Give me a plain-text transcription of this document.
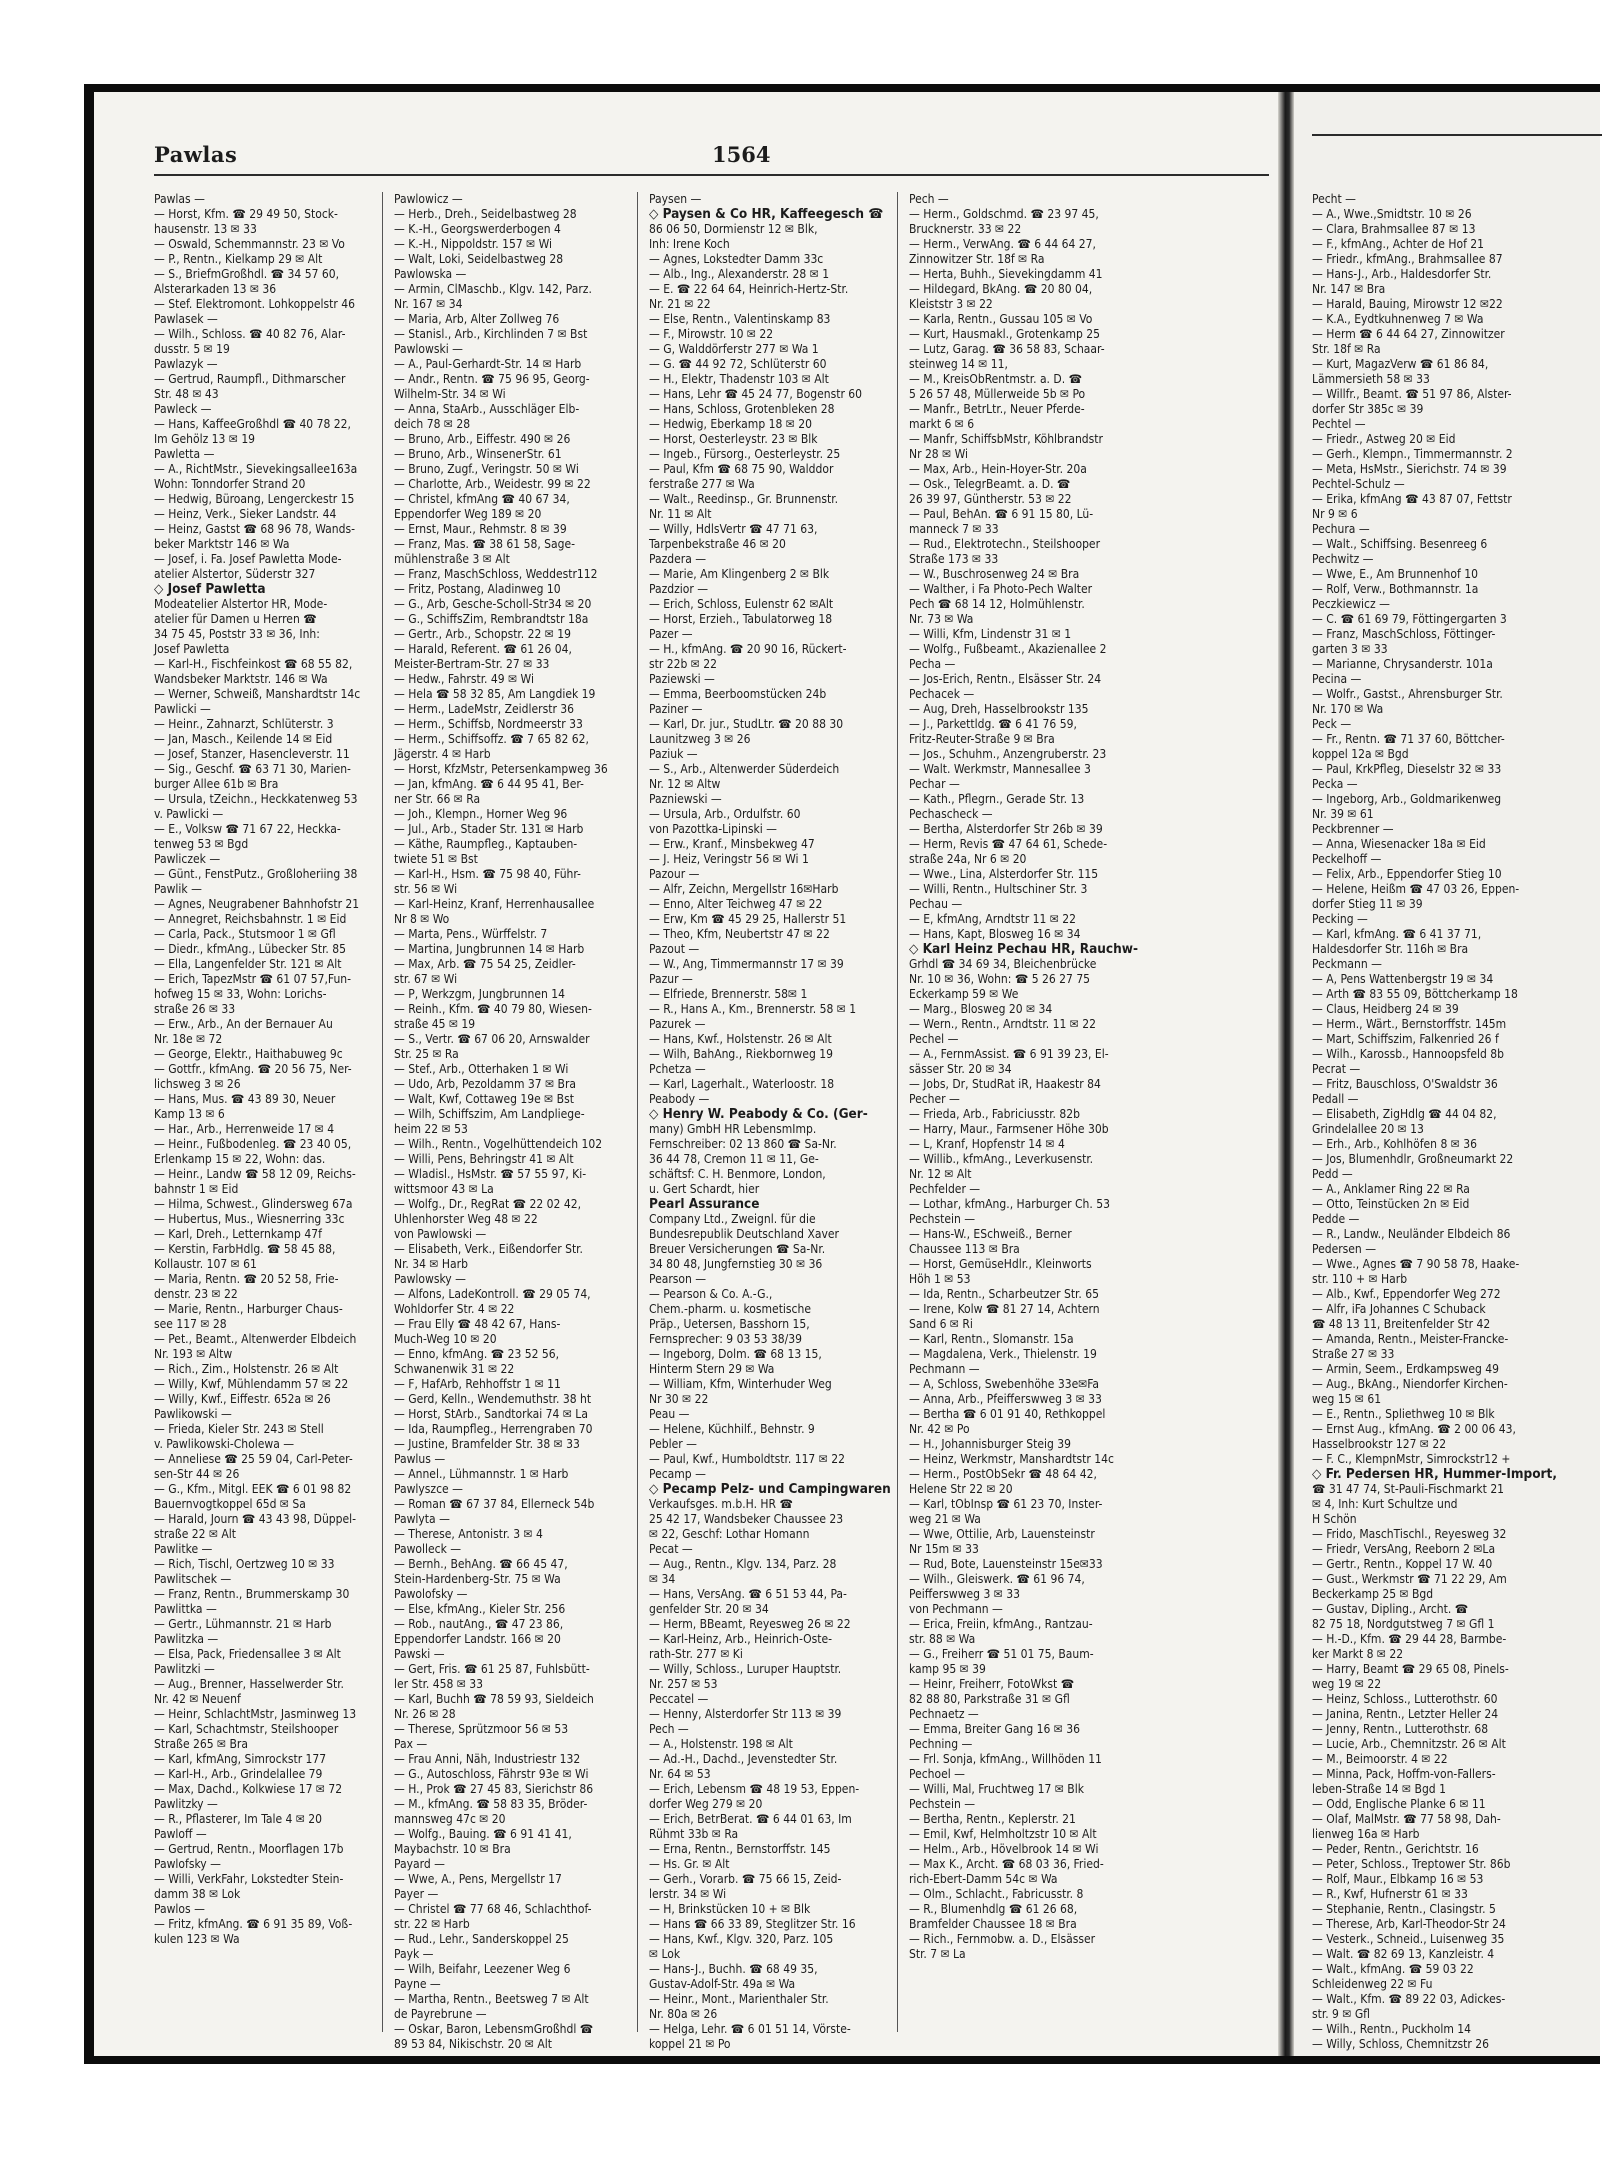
Pawlas	1564
Pawlas —
— Horst, Kfm. ☎ 29 49 50, Stock-
hausenstr. 13 ✉ 33
— Oswald, Schemmannstr. 23 ✉ Vo
— P., Rentn., Kielkamp 29 ✉ Alt
— S., BriefmGroßhdl. ☎ 34 57 60,
Alsterarkaden 13 ✉ 36
— Stef. Elektromont. Lohkoppelstr 46
Pawlasek —
— Wilh., Schloss. ☎ 40 82 76, Alar-
dusstr. 5 ✉ 19
Pawlazyk —
— Gertrud, Raumpfl., Dithmarscher
Str. 48 ✉ 43
Pawleck —
— Hans, KaffeeGroßhdl ☎ 40 78 22,
Im Gehölz 13 ✉ 19
Pawletta —
— A., RichtMstr., Sievekingsallee163a
Wohn: Tonndorfer Strand 20
— Hedwig, Büroang, Lengerckestr 15
— Heinz, Verk., Sieker Landstr. 44
— Heinz, Gastst ☎ 68 96 78, Wands-
beker Marktstr 146 ✉ Wa
— Josef, i. Fa. Josef Pawletta Mode-
atelier Alstertor, Süderstr 327
◇ Josef Pawletta
Modeatelier Alstertor HR, Mode-
atelier für Damen u Herren ☎
34 75 45, Poststr 33 ✉ 36, Inh:
Josef Pawletta
— Karl-H., Fischfeinkost ☎ 68 55 82,
Wandsbeker Marktstr. 146 ✉ Wa
— Werner, Schweiß, Manshardtstr 14c
Pawlicki —
— Heinr., Zahnarzt, Schlüterstr. 3
— Jan, Masch., Keilende 14 ✉ Eid
— Josef, Stanzer, Hasencleverstr. 11
— Sig., Geschf. ☎ 63 71 30, Marien-
burger Allee 61b ✉ Bra
— Ursula, tZeichn., Heckkatenweg 53
v. Pawlicki —
— E., Volksw ☎ 71 67 22, Heckka-
tenweg 53 ✉ Bgd
Pawliczek —
— Günt., FenstPutz., Großloheriing 38
Pawlik —
— Agnes, Neugrabener Bahnhofstr 21
— Annegret, Reichsbahnstr. 1 ✉ Eid
— Carla, Pack., Stutsmoor 1 ✉ Gfl
— Diedr., kfmAng., Lübecker Str. 85
— Ella, Langenfelder Str. 121 ✉ Alt
— Erich, TapezMstr ☎ 61 07 57,Fun-
hofweg 15 ✉ 33, Wohn: Lorichs-
straße 26 ✉ 33
— Erw., Arb., An der Bernauer Au
Nr. 18e ✉ 72
— George, Elektr., Haithabuweg 9c
— Gottfr., kfmAng. ☎ 20 56 75, Ner-
lichsweg 3 ✉ 26
— Hans, Mus. ☎ 43 89 30, Neuer
Kamp 13 ✉ 6
— Har., Arb., Herrenweide 17 ✉ 4
— Heinr., Fußbodenleg. ☎ 23 40 05,
Erlenkamp 15 ✉ 22, Wohn: das.
— Heinr., Landw ☎ 58 12 09, Reichs-
bahnstr 1 ✉ Eid
— Hilma, Schwest., Glindersweg 67a
— Hubertus, Mus., Wiesnerring 33c
— Karl, Dreh., Letternkamp 47f
— Kerstin, FarbHdlg. ☎ 58 45 88,
Kollaustr. 107 ✉ 61
— Maria, Rentn. ☎ 20 52 58, Frie-
denstr. 23 ✉ 22
— Marie, Rentn., Harburger Chaus-
see 117 ✉ 28
— Pet., Beamt., Altenwerder Elbdeich
Nr. 193 ✉ Altw
— Rich., Zim., Holstenstr. 26 ✉ Alt
— Willy, Kwf, Mühlendamm 57 ✉ 22
— Willy, Kwf., Eiffestr. 652a ✉ 26
Pawlikowski —
— Frieda, Kieler Str. 243 ✉ Stell
v. Pawlikowski-Cholewa —
— Anneliese ☎ 25 59 04, Carl-Peter-
sen-Str 44 ✉ 26
— G., Kfm., Mitgl. EEK ☎ 6 01 98 82
Bauernvogtkoppel 65d ✉ Sa
— Harald, Journ ☎ 43 43 98, Düppel-
straße 22 ✉ Alt
Pawlitke —
— Rich, Tischl, Oertzweg 10 ✉ 33
Pawlitschek —
— Franz, Rentn., Brummerskamp 30
Pawlittka —
— Gertr., Lühmannstr. 21 ✉ Harb
Pawlitzka —
— Elsa, Pack, Friedensallee 3 ✉ Alt
Pawlitzki —
— Aug., Brenner, Hasselwerder Str.
Nr. 42 ✉ Neuenf
— Heinr, SchlachtMstr, Jasminweg 13
— Karl, Schachtmstr, Steilshooper
Straße 265 ✉ Bra
— Karl, kfmAng, Simrockstr 177
— Karl-H., Arb., Grindelallee 79
— Max, Dachd., Kolkwiese 17 ✉ 72
Pawlitzky —
— R., Pflasterer, Im Tale 4 ✉ 20
Pawloff —
— Gertrud, Rentn., Moorflagen 17b
Pawlofsky —
— Willi, VerkFahr, Lokstedter Stein-
damm 38 ✉ Lok
Pawlos —
— Fritz, kfmAng. ☎ 6 91 35 89, Voß-
kulen 123 ✉ Wa
Pawlowicz —
— Herb., Dreh., Seidelbastweg 28
— K.-H., Georgswerderbogen 4
— K.-H., Nippoldstr. 157 ✉ Wi
— Walt, Loki, Seidelbastweg 28
Pawlowska —
— Armin, ClMaschb., Klgv. 142, Parz.
Nr. 167 ✉ 34
— Maria, Arb, Alter Zollweg 76
— Stanisl., Arb., Kirchlinden 7 ✉ Bst
Pawlowski —
— A., Paul-Gerhardt-Str. 14 ✉ Harb
— Andr., Rentn. ☎ 75 96 95, Georg-
Wilhelm-Str. 34 ✉ Wi
— Anna, StaArb., Ausschläger Elb-
deich 78 ✉ 28
— Bruno, Arb., Eiffestr. 490 ✉ 26
— Bruno, Arb., WinsenerStr. 61
— Bruno, Zugf., Veringstr. 50 ✉ Wi
— Charlotte, Arb., Weidestr. 99 ✉ 22
— Christel, kfmAng ☎ 40 67 34,
Eppendorfer Weg 189 ✉ 20
— Ernst, Maur., Rehmstr. 8 ✉ 39
— Franz, Mas. ☎ 38 61 58, Sage-
mühlenstraße 3 ✉ Alt
— Franz, MaschSchloss, Weddestr112
— Fritz, Postang, Aladinweg 10
— G., Arb, Gesche-Scholl-Str34 ✉ 20
— G., SchiffsZim, Rembrandtstr 18a
— Gertr., Arb., Schopstr. 22 ✉ 19
— Harald, Referent. ☎ 61 26 04,
Meister-Bertram-Str. 27 ✉ 33
— Hedw., Fahrstr. 49 ✉ Wi
— Hela ☎ 58 32 85, Am Langdiek 19
— Herm., LadeMstr, Zeidlerstr 36
— Herm., Schiffsb, Nordmeerstr 33
— Herm., Schiffsoffz. ☎ 7 65 82 62,
Jägerstr. 4 ✉ Harb
— Horst, KfzMstr, Petersenkampweg 36
— Jan, kfmAng. ☎ 6 44 95 41, Ber-
ner Str. 66 ✉ Ra
— Joh., Klempn., Horner Weg 96
— Jul., Arb., Stader Str. 131 ✉ Harb
— Käthe, Raumpfleg., Kaptauben-
twiete 51 ✉ Bst
— Karl-H., Hsm. ☎ 75 98 40, Führ-
str. 56 ✉ Wi
— Karl-Heinz, Kranf, Herrenhausallee
Nr 8 ✉ Wo
— Marta, Pens., Würffelstr. 7
— Martina, Jungbrunnen 14 ✉ Harb
— Max, Arb. ☎ 75 54 25, Zeidler-
str. 67 ✉ Wi
— P, Werkzgm, Jungbrunnen 14
— Reinh., Kfm. ☎ 40 79 80, Wiesen-
straße 45 ✉ 19
— S., Vertr. ☎ 67 06 20, Arnswalder
Str. 25 ✉ Ra
— Stef., Arb., Otterhaken 1 ✉ Wi
— Udo, Arb, Pezoldamm 37 ✉ Bra
— Walt, Kwf, Cottaweg 19e ✉ Bst
— Wilh, Schiffszim, Am Landpliege-
heim 22 ✉ 53
— Wilh., Rentn., Vogelhüttendeich 102
— Willi, Pens, Behringstr 41 ✉ Alt
— Wladisl., HsMstr. ☎ 57 55 97, Ki-
wittsmoor 43 ✉ La
— Wolfg., Dr., RegRat ☎ 22 02 42,
Uhlenhorster Weg 48 ✉ 22
von Pawlowski —
— Elisabeth, Verk., Eißendorfer Str.
Nr. 34 ✉ Harb
Pawlowsky —
— Alfons, LadeKontroll. ☎ 29 05 74,
Wohldorfer Str. 4 ✉ 22
— Frau Elly ☎ 48 42 67, Hans-
Much-Weg 10 ✉ 20
— Enno, kfmAng. ☎ 23 52 56,
Schwanenwik 31 ✉ 22
— F, HafArb, Rehhoffstr 1 ✉ 11
— Gerd, Kelln., Wendemuthstr. 38 ht
— Horst, StArb., Sandtorkai 74 ✉ La
— Ida, Raumpfleg., Herrengraben 70
— Justine, Bramfelder Str. 38 ✉ 33
Pawlus —
— Annel., Lühmannstr. 1 ✉ Harb
Pawlyszce —
— Roman ☎ 67 37 84, Ellerneck 54b
Pawlyta —
— Therese, Antonistr. 3 ✉ 4
Pawolleck —
— Bernh., BehAng. ☎ 66 45 47,
Stein-Hardenberg-Str. 75 ✉ Wa
Pawolofsky —
— Else, kfmAng., Kieler Str. 256
— Rob., nautAng., ☎ 47 23 86,
Eppendorfer Landstr. 166 ✉ 20
Pawski —
— Gert, Fris. ☎ 61 25 87, Fuhlsbütt-
ler Str. 458 ✉ 33
— Karl, Buchh ☎ 78 59 93, Sieldeich
Nr. 26 ✉ 28
— Therese, Sprützmoor 56 ✉ 53
Pax —
— Frau Anni, Näh, Industriestr 132
— G., Autoschloss, Fährstr 93e ✉ Wi
— H., Prok ☎ 27 45 83, Sierichstr 86
— M., kfmAng. ☎ 58 83 35, Bröder-
mannsweg 47c ✉ 20
— Wolfg., Bauing. ☎ 6 91 41 41,
Maybachstr. 10 ✉ Bra
Payard —
— Wwe, A., Pens, Mergellstr 17
Payer —
— Christel ☎ 77 68 46, Schlachthof-
str. 22 ✉ Harb
— Rud., Lehr., Sanderskoppel 25
Payk —
— Wilh, Beifahr, Leezener Weg 6
Payne —
— Martha, Rentn., Beetsweg 7 ✉ Alt
de Payrebrune —
— Oskar, Baron, LebensmGroßhdl ☎
89 53 84, Nikischstr. 20 ✉ Alt
Paysen —
◇ Paysen & Co HR, Kaffeegesch ☎
86 06 50, Dormienstr 12 ✉ Blk,
Inh: Irene Koch
— Agnes, Lokstedter Damm 33c
— Alb., Ing., Alexanderstr. 28 ✉ 1
— E. ☎ 22 64 64, Heinrich-Hertz-Str.
Nr. 21 ✉ 22
— Else, Rentn., Valentinskamp 83
— F., Mirowstr. 10 ✉ 22
— G, Walddörferstr 277 ✉ Wa 1
— G. ☎ 44 92 72, Schlüterstr 60
— H., Elektr, Thadenstr 103 ✉ Alt
— Hans, Lehr ☎ 45 24 77, Bogenstr 60
— Hans, Schloss, Grotenbleken 28
— Hedwig, Eberkamp 18 ✉ 20
— Horst, Oesterleystr. 23 ✉ Blk
— Ingeb., Fürsorg., Oesterleystr. 25
— Paul, Kfm ☎ 68 75 90, Walddor
ferstraße 277 ✉ Wa
— Walt., Reedinsp., Gr. Brunnenstr.
Nr. 11 ✉ Alt
— Willy, HdlsVertr ☎ 47 71 63,
Tarpenbekstraße 46 ✉ 20
Pazdera —
— Marie, Am Klingenberg 2 ✉ Blk
Pazdzior —
— Erich, Schloss, Eulenstr 62 ✉Alt
— Horst, Erzieh., Tabulatorweg 18
Pazer —
— H., kfmAng. ☎ 20 90 16, Rückert-
str 22b ✉ 22
Paziewski —
— Emma, Beerboomstücken 24b
Paziner —
— Karl, Dr. jur., StudLtr. ☎ 20 88 30
Launitzweg 3 ✉ 26
Paziuk —
— S., Arb., Altenwerder Süderdeich
Nr. 12 ✉ Altw
Pazniewski —
— Ursula, Arb., Ordulfstr. 60
von Pazottka-Lipinski —
— Erw., Kranf., Minsbekweg 47
— J. Heiz, Veringstr 56 ✉ Wi 1
Pazour —
— Alfr, Zeichn, Mergellstr 16✉Harb
— Enno, Alter Teichweg 47 ✉ 22
— Erw, Km ☎ 45 29 25, Hallerstr 51
— Theo, Kfm, Neubertstr 47 ✉ 22
Pazout —
— W., Ang, Timmermannstr 17 ✉ 39
Pazur —
— Elfriede, Brennerstr. 58✉ 1
— R., Hans A., Km., Brennerstr. 58 ✉ 1
Pazurek —
— Hans, Kwf., Holstenstr. 26 ✉ Alt
— Wilh, BahAng., Riekbornweg 19
Pchetza —
— Karl, Lagerhalt., Waterloostr. 18
Peabody —
◇ Henry W. Peabody & Co. (Ger-
many) GmbH HR LebensmImp.
Fernschreiber: 02 13 860 ☎ Sa-Nr.
36 44 78, Cremon 11 ✉ 11, Ge-
schäftsf: C. H. Benmore, London,
u. Gert Schardt, hier
Pearl Assurance
Company Ltd., Zweignl. für die
Bundesrepublik Deutschland Xaver
Breuer Versicherungen ☎ Sa-Nr.
34 80 48, Jungfernstieg 30 ✉ 36
Pearson —
— Pearson & Co. A.-G.,
Chem.-pharm. u. kosmetische
Präp., Uetersen, Basshorn 15,
Fernsprecher: 9 03 53 38/39
— Ingeborg, Dolm. ☎ 68 13 15,
Hinterm Stern 29 ✉ Wa
— William, Kfm, Winterhuder Weg
Nr 30 ✉ 22
Peau —
— Helene, Küchhilf., Behnstr. 9
Pebler —
— Paul, Kwf., Humboldtstr. 117 ✉ 22
Pecamp —
◇ Pecamp Pelz- und Campingwaren
Verkaufsges. m.b.H. HR ☎
25 42 17, Wandsbeker Chaussee 23
✉ 22, Geschf: Lothar Homann
Pecat —
— Aug., Rentn., Klgv. 134, Parz. 28
✉ 34
— Hans, VersAng. ☎ 6 51 53 44, Pa-
genfelder Str. 20 ✉ 34
— Herm, BBeamt, Reyesweg 26 ✉ 22
— Karl-Heinz, Arb., Heinrich-Oste-
rath-Str. 277 ✉ Ki
— Willy, Schloss., Luruper Hauptstr.
Nr. 257 ✉ 53
Peccatel —
— Henny, Alsterdorfer Str 113 ✉ 39
Pech —
— A., Holstenstr. 198 ✉ Alt
— Ad.-H., Dachd., Jevenstedter Str.
Nr. 64 ✉ 53
— Erich, Lebensm ☎ 48 19 53, Eppen-
dorfer Weg 279 ✉ 20
— Erich, BetrBerat. ☎ 6 44 01 63, Im
Rühmt 33b ✉ Ra
— Erna, Rentn., Bernstorffstr. 145
— Hs. Gr. ✉ Alt
— Gerh., Vorarb. ☎ 75 66 15, Zeid-
lerstr. 34 ✉ Wi
— H, Brinkstücken 10 + ✉ Blk
— Hans ☎ 66 33 89, Steglitzer Str. 16
— Hans, Kwf., Klgv. 320, Parz. 105
✉ Lok
— Hans-J., Buchh. ☎ 68 49 35,
Gustav-Adolf-Str. 49a ✉ Wa
— Heinr., Mont., Marienthaler Str.
Nr. 80a ✉ 26
— Helga, Lehr. ☎ 6 01 51 14, Vörste-
koppel 21 ✉ Po
Pech —
— Herm., Goldschmd. ☎ 23 97 45,
Brucknerstr. 33 ✉ 22
— Herm., VerwAng. ☎ 6 44 64 27,
Zinnowitzer Str. 18f ✉ Ra
— Herta, Buhh., Sievekingdamm 41
— Hildegard, BkAng. ☎ 20 80 04,
Kleiststr 3 ✉ 22
— Karla, Rentn., Gussau 105 ✉ Vo
— Kurt, Hausmakl., Grotenkamp 25
— Lutz, Garag. ☎ 36 58 83, Schaar-
steinweg 14 ✉ 11,
— M., KreisObRentmstr. a. D. ☎
5 26 57 48, Müllerweide 5b ✉ Po
— Manfr., BetrLtr., Neuer Pferde-
markt 6 ✉ 6
— Manfr, SchiffsbMstr, Köhlbrandstr
Nr 28 ✉ Wi
— Max, Arb., Hein-Hoyer-Str. 20a
— Osk., TelegrBeamt. a. D. ☎
26 39 97, Güntherstr. 53 ✉ 22
— Paul, BehAn. ☎ 6 91 15 80, Lü-
manneck 7 ✉ 33
— Rud., Elektrotechn., Steilshooper
Straße 173 ✉ 33
— W., Buschrosenweg 24 ✉ Bra
— Walther, i Fa Photo-Pech Walter
Pech ☎ 68 14 12, Holmühlenstr.
Nr. 73 ✉ Wa
— Willi, Kfm, Lindenstr 31 ✉ 1
— Wolfg., Fußbeamt., Akazienallee 2
Pecha —
— Jos-Erich, Rentn., Elsässer Str. 24
Pechacek —
— Aug, Dreh, Hasselbrookstr 135
— J., Parkettldg. ☎ 6 41 76 59,
Fritz-Reuter-Straße 9 ✉ Bra
— Jos., Schuhm., Anzengruberstr. 23
— Walt. Werkmstr, Mannesallee 3
Pechar —
— Kath., Pflegrn., Gerade Str. 13
Pechascheck —
— Bertha, Alsterdorfer Str 26b ✉ 39
— Herm, Revis ☎ 47 64 61, Schede-
straße 24a, Nr 6 ✉ 20
— Wwe., Lina, Alsterdorfer Str. 115
— Willi, Rentn., Hultschiner Str. 3
Pechau —
— E, kfmAng, Arndtstr 11 ✉ 22
— Hans, Kapt, Blosweg 16 ✉ 34
◇ Karl Heinz Pechau HR, Rauchw-
Grhdl ☎ 34 69 34, Bleichenbrücke
Nr. 10 ✉ 36, Wohn: ☎ 5 26 27 75
Eckerkamp 59 ✉ We
— Marg., Blosweg 20 ✉ 34
— Wern., Rentn., Arndtstr. 11 ✉ 22
Pechel —
— A., FernmAssist. ☎ 6 91 39 23, El-
sässer Str. 20 ✉ 34
— Jobs, Dr, StudRat iR, Haakestr 84
Pecher —
— Frieda, Arb., Fabriciusstr. 82b
— Harry, Maur., Farmsener Höhe 30b
— L, Kranf, Hopfenstr 14 ✉ 4
— Willib., kfmAng., Leverkusenstr.
Nr. 12 ✉ Alt
Pechfelder —
— Lothar, kfmAng., Harburger Ch. 53
Pechstein —
— Hans-W., ESchweiß., Berner
Chaussee 113 ✉ Bra
— Horst, GemüseHdlr., Kleinworts
Höh 1 ✉ 53
— Ida, Rentn., Scharbeutzer Str. 65
— Irene, Kolw ☎ 81 27 14, Achtern
Sand 6 ✉ Ri
— Karl, Rentn., Slomanstr. 15a
— Magdalena, Verk., Thielenstr. 19
Pechmann —
— A, Schloss, Swebenhöhe 33e✉Fa
— Anna, Arb., Pfeifferswweg 3 ✉ 33
— Bertha ☎ 6 01 91 40, Rethkoppel
Nr. 42 ✉ Po
— H., Johannisburger Steig 39
— Heinz, Werkmstr, Manshardtstr 14c
— Herm., PostObSekr ☎ 48 64 42,
Helene Str 22 ✉ 20
— Karl, tObInsp ☎ 61 23 70, Inster-
weg 21 ✉ Wa
— Wwe, Ottilie, Arb, Lauensteinstr
Nr 15m ✉ 33
— Rud, Bote, Lauensteinstr 15e✉33
— Wilh., Gleiswerk. ☎ 61 96 74,
Peifferswweg 3 ✉ 33
von Pechmann —
— Erica, Freiin, kfmAng., Rantzau-
str. 88 ✉ Wa
— G., Freiherr ☎ 51 01 75, Baum-
kamp 95 ✉ 39
— Heinr, Freiherr, FotoWkst ☎
82 88 80, Parkstraße 31 ✉ Gfl
Pechnaetz —
— Emma, Breiter Gang 16 ✉ 36
Pechning —
— Frl. Sonja, kfmAng., Willhöden 11
Pechoel —
— Willi, Mal, Fruchtweg 17 ✉ Blk
Pechstein —
— Bertha, Rentn., Keplerstr. 21
— Emil, Kwf, Helmholtzstr 10 ✉ Alt
— Helm., Arb., Hövelbrook 14 ✉ Wi
— Max K., Archt. ☎ 68 03 36, Fried-
rich-Ebert-Damm 54c ✉ Wa
— Olm., Schlacht., Fabricusstr. 8
— R., Blumenhdlg ☎ 61 26 68,
Bramfelder Chaussee 18 ✉ Bra
— Rich., Fernmobw. a. D., Elsässer
Str. 7 ✉ La
Pecht —
— A., Wwe.,Smidtstr. 10 ✉ 26
— Clara, Brahmsallee 87 ✉ 13
— F., kfmAng., Achter de Hof 21
— Friedr., kfmAng., Brahmsallee 87
— Hans-J., Arb., Haldesdorfer Str.
Nr. 147 ✉ Bra
— Harald, Bauing, Mirowstr 12 ✉22
— K.A., Eydtkuhnenweg 7 ✉ Wa
— Herm ☎ 6 44 64 27, Zinnowitzer
Str. 18f ✉ Ra
— Kurt, MagazVerw ☎ 61 86 84,
Lämmersieth 58 ✉ 33
— Willfr., Beamt. ☎ 51 97 86, Alster-
dorfer Str 385c ✉ 39
Pechtel —
— Friedr., Astweg 20 ✉ Eid
— Gerh., Klempn., Timmermannstr. 2
— Meta, HsMstr., Sierichstr. 74 ✉ 39
Pechtel-Schulz —
— Erika, kfmAng ☎ 43 87 07, Fettstr
Nr 9 ✉ 6
Pechura —
— Walt., Schiffsing. Besenreeg 6
Pechwitz —
— Wwe, E., Am Brunnenhof 10
— Rolf, Verw., Bothmannstr. 1a
Peczkiewicz —
— C. ☎ 61 69 79, Föttingergarten 3
— Franz, MaschSchloss, Föttinger-
garten 3 ✉ 33
— Marianne, Chrysanderstr. 101a
Pecina —
— Wolfr., Gastst., Ahrensburger Str.
Nr. 170 ✉ Wa
Peck —
— Fr., Rentn. ☎ 71 37 60, Böttcher-
koppel 12a ✉ Bgd
— Paul, KrkPfleg, Dieselstr 32 ✉ 33
Pecka —
— Ingeborg, Arb., Goldmarikenweg
Nr. 39 ✉ 61
Peckbrenner —
— Anna, Wiesenacker 18a ✉ Eid
Peckelhoff —
— Felix, Arb., Eppendorfer Stieg 10
— Helene, Heißm ☎ 47 03 26, Eppen-
dorfer Stieg 11 ✉ 39
Pecking —
— Karl, kfmAng. ☎ 6 41 37 71,
Haldesdorfer Str. 116h ✉ Bra
Peckmann —
— A, Pens Wattenbergstr 19 ✉ 34
— Arth ☎ 83 55 09, Böttcherkamp 18
— Claus, Heidberg 24 ✉ 39
— Herm., Wärt., Bernstorffstr. 145m
— Mart, Schiffszim, Falkenried 26 f
— Wilh., Karossb., Hannoopsfeld 8b
Pecrat —
— Fritz, Bauschloss, O'Swaldstr 36
Pedall —
— Elisabeth, ZigHdlg ☎ 44 04 82,
Grindelallee 20 ✉ 13
— Erh., Arb., Kohlhöfen 8 ✉ 36
— Jos, Blumenhdlr, Großneumarkt 22
Pedd —
— A., Anklamer Ring 22 ✉ Ra
— Otto, Teinstücken 2n ✉ Eid
Pedde —
— R., Landw., Neuländer Elbdeich 86
Pedersen —
— Wwe., Agnes ☎ 7 90 58 78, Haake-
str. 110 + ✉ Harb
— Alb., Kwf., Eppendorfer Weg 272
— Alfr, iFa Johannes C Schuback
☎ 48 13 11, Breitenfelder Str 42
— Amanda, Rentn., Meister-Francke-
Straße 27 ✉ 33
— Armin, Seem., Erdkampsweg 49
— Aug., BkAng., Niendorfer Kirchen-
weg 15 ✉ 61
— E., Rentn., Spliethweg 10 ✉ Blk
— Ernst Aug., kfmAng. ☎ 2 00 06 43,
Hasselbrookstr 127 ✉ 22
— F. C., KlempnMstr, Simrockstr12 +
◇ Fr. Pedersen HR, Hummer-Import,
☎ 31 47 74, St-Pauli-Fischmarkt 21
✉ 4, Inh: Kurt Schultze und
H Schön
— Frido, MaschTischl., Reyesweg 32
— Friedr, VersAng, Reeborn 2 ✉La
— Gertr., Rentn., Koppel 17 W. 40
— Gust., Werkmstr ☎ 71 22 29, Am
Beckerkamp 25 ✉ Bgd
— Gustav, Dipling., Archt. ☎
82 75 18, Nordgutstweg 7 ✉ Gfl 1
— H.-D., Kfm. ☎ 29 44 28, Barmbe-
ker Markt 8 ✉ 22
— Harry, Beamt ☎ 29 65 08, Pinels-
weg 19 ✉ 22
— Heinz, Schloss., Lutterothstr. 60
— Janina, Rentn., Letzter Heller 24
— Jenny, Rentn., Lutterothstr. 68
— Lucie, Arb., Chemnitzstr. 26 ✉ Alt
— M., Beimoorstr. 4 ✉ 22
— Minna, Pack, Hoffm-von-Fallers-
leben-Straße 14 ✉ Bgd 1
— Odd, Englische Planke 6 ✉ 11
— Olaf, MalMstr. ☎ 77 58 98, Dah-
lienweg 16a ✉ Harb
— Peder, Rentn., Gerichtstr. 16
— Peter, Schloss., Treptower Str. 86b
— Rolf, Maur., Elbkamp 16 ✉ 53
— R., Kwf, Hufnerstr 61 ✉ 33
— Stephanie, Rentn., Clasingstr. 5
— Therese, Arb, Karl-Theodor-Str 24
— Vesterk., Schneid., Luisenweg 35
— Walt. ☎ 82 69 13, Kanzleistr. 4
— Walt., kfmAng. ☎ 59 03 22
Schleidenweg 22 ✉ Fu
— Walt., Kfm. ☎ 89 22 03, Adickes-
str. 9 ✉ Gfl
— Wilh., Rentn., Puckholm 14
— Willy, Schloss, Chemnitzstr 26
